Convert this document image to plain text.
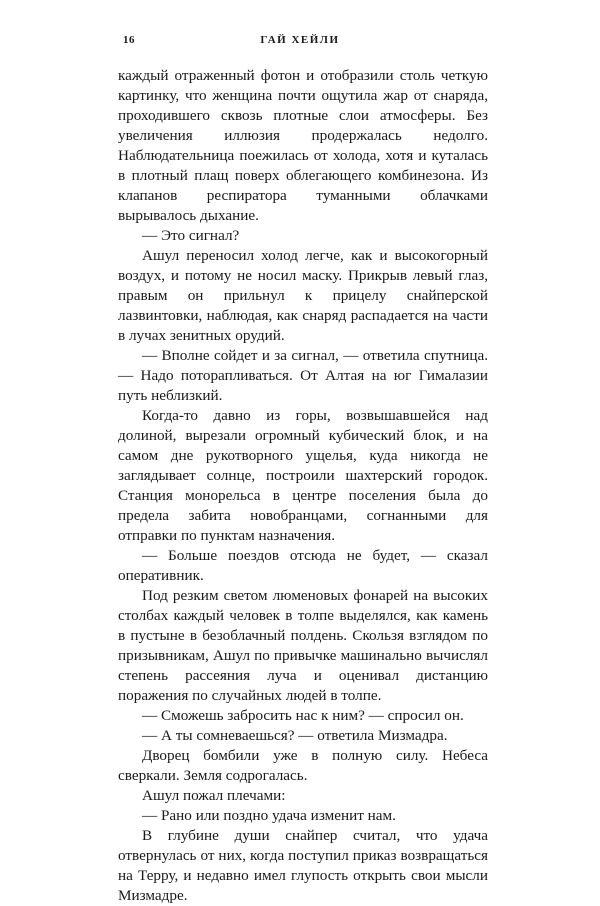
16	ГАЙ ХЕЙЛИ

каждый отраженный фотон и отобразили столь четкую картинку, что женщина почти ощутила жар от снаряда, проходившего сквозь плотные слои атмосферы. Без увеличения иллюзия продержалась недолго. Наблюдательница поежилась от холода, хотя и куталась в плотный плащ поверх облегающего комбинезона. Из клапанов респиратора туманными облачками вырывалось дыхание.

— Это сигнал?

Ашул переносил холод легче, как и высокогорный воздух, и потому не носил маску. Прикрыв левый глаз, правым он прильнул к прицелу снайперской лазвинтовки, наблюдая, как снаряд распадается на части в лучах зенитных орудий.

— Вполне сойдет и за сигнал, — ответила спутница. — Надо поторапливаться. От Алтая на юг Гималазии путь неблизкий.

Когда-то давно из горы, возвышавшейся над долиной, вырезали огромный кубический блок, и на самом дне рукотворного ущелья, куда никогда не заглядывает солнце, построили шахтерский городок. Станция монорельса в центре поселения была до предела забита новобранцами, согнанными для отправки по пунктам назначения.

— Больше поездов отсюда не будет, — сказал оперативник.

Под резким светом люменовых фонарей на высоких столбах каждый человек в толпе выделялся, как камень в пустыне в безоблачный полдень. Скользя взглядом по призывникам, Ашул по привычке машинально вычислял степень рассеяния луча и оценивал дистанцию поражения по случайных людей в толпе.

— Сможешь забросить нас к ним? — спросил он.

— А ты сомневаешься? — ответила Мизмадра.

Дворец бомбили уже в полную силу. Небеса сверкали. Земля содрогалась.

Ашул пожал плечами:

— Рано или поздно удача изменит нам.

В глубине души снайпер считал, что удача отвернулась от них, когда поступил приказ возвращаться на Терру, и недавно имел глупость открыть свои мысли Мизмадре.
